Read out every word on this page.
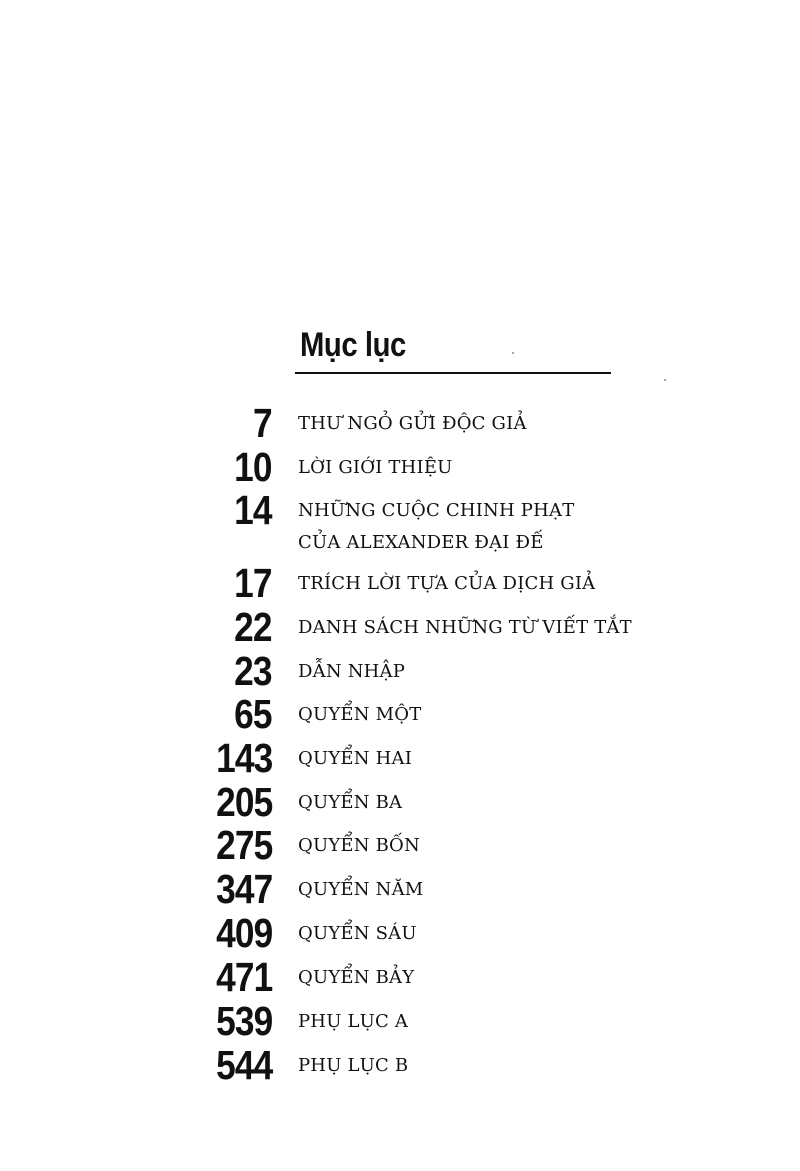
Mục lục
7 THƯ NGỎ GỬI ĐỘC GIẢ
10 LỜI GIỚI THIỆU
14 NHỮNG CUỘC CHINH PHẠT
CỦA ALEXANDER ĐẠI ĐẾ
17 TRÍCH LỜI TỰA CỦA DỊCH GIẢ
22 DANH SÁCH NHỮNG TỪ VIẾT TẮT
23 DẪN NHẬP
65 QUYỂN MỘT
143 QUYỂN HAI
205 QUYỂN BA
275 QUYỂN BỐN
347 QUYỂN NĂM
409 QUYỂN SÁU
471 QUYỂN BẢY
539 PHỤ LỤC A
544 PHỤ LỤC B
